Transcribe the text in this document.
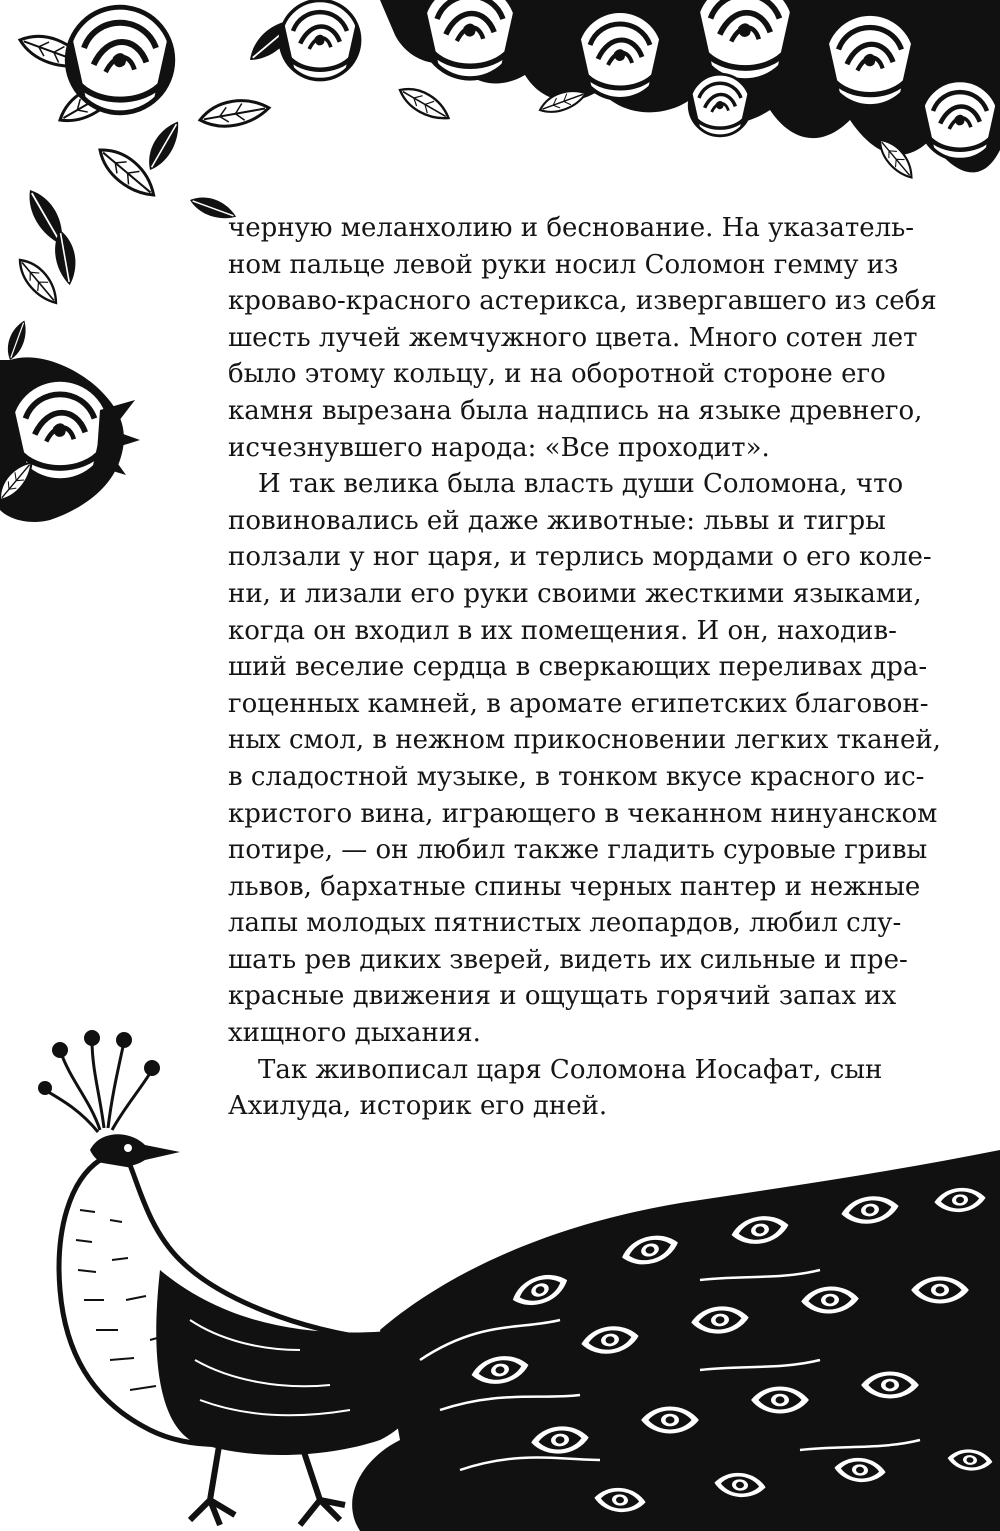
черную меланхолию и беснование. На указатель-
ном пальце левой руки носил Соломон гемму из
кроваво-красного астерикса, извергавшего из себя
шесть лучей жемчужного цвета. Много сотен лет
было этому кольцу, и на оборотной стороне его
камня вырезана была надпись на языке древнего,
исчезнувшего народа: «Все проходит».

И так велика была власть души Соломона, что
повиновались ей даже животные: львы и тигры
ползали у ног царя, и терлись мордами о его коле-
ни, и лизали его руки своими жесткими языками,
когда он входил в их помещения. И он, находив-
ший веселие сердца в сверкающих переливах дра-
гоценных камней, в аромате египетских благовон-
ных смол, в нежном прикосновении легких тканей,
в сладостной музыке, в тонком вкусе красного ис-
кристого вина, играющего в чеканном нинуанском
потире, — он любил также гладить суровые гривы
львов, бархатные спины черных пантер и нежные
лапы молодых пятнистых леопардов, любил слу-
шать рев диких зверей, видеть их сильные и пре-
красные движения и ощущать горячий запах их
хищного дыхания.

Так живописал царя Соломона Иосафат, сын
Ахилуда, историк его дней.
